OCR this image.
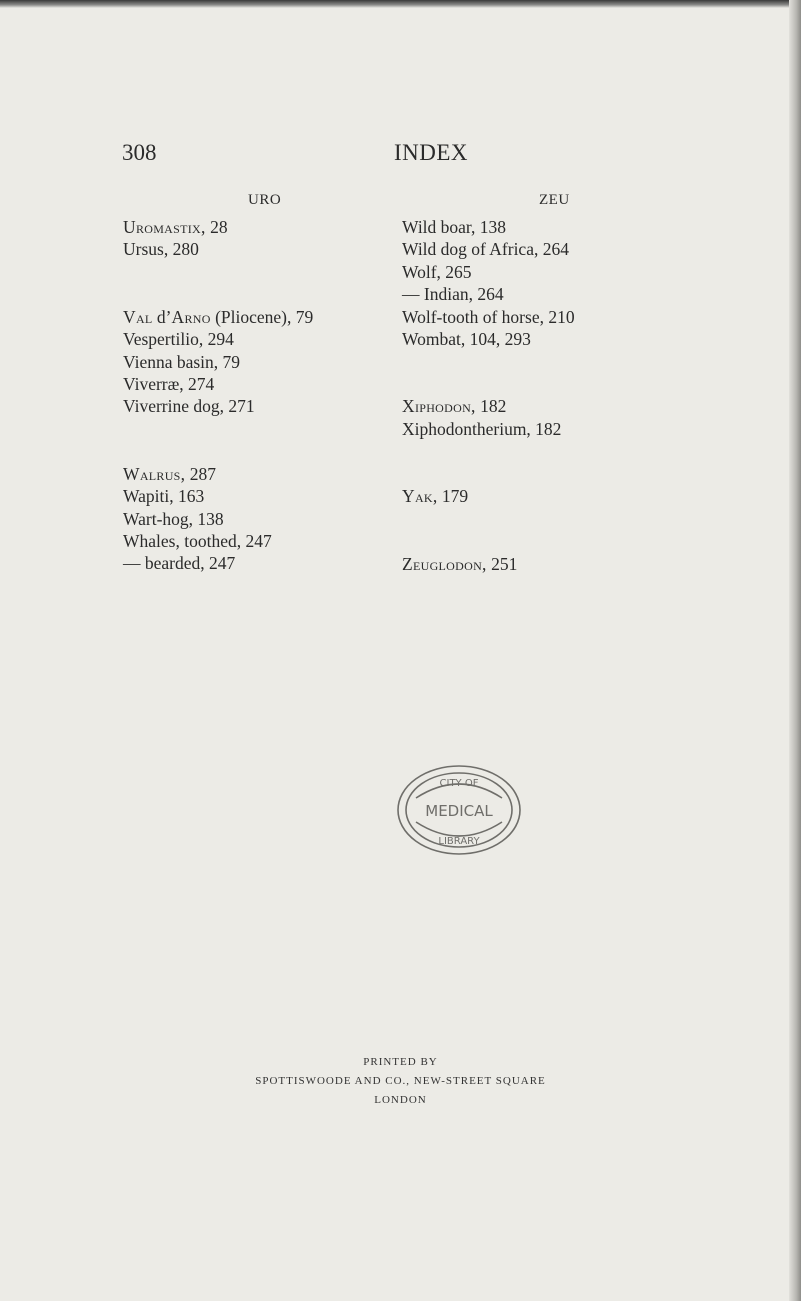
308	INDEX
URO	ZEU
Uromastix, 28
Ursus, 280
Val d’Arno (Pliocene), 79
Vespertilio, 294
Vienna basin, 79
Viverræ, 274
Viverrine dog, 271
Walrus, 287
Wapiti, 163
Wart-hog, 138
Whales, toothed, 247
— bearded, 247
Wild boar, 138
Wild dog of Africa, 264
Wolf, 265
— Indian, 264
Wolf-tooth of horse, 210
Wombat, 104, 293
Xiphodon, 182
Xiphodontherium, 182
Yak, 179
Zeuglodon, 251
CITY OF
MEDICAL
LIBRARY
PRINTED BY
SPOTTISWOODE AND CO., NEW-STREET SQUARE
LONDON
